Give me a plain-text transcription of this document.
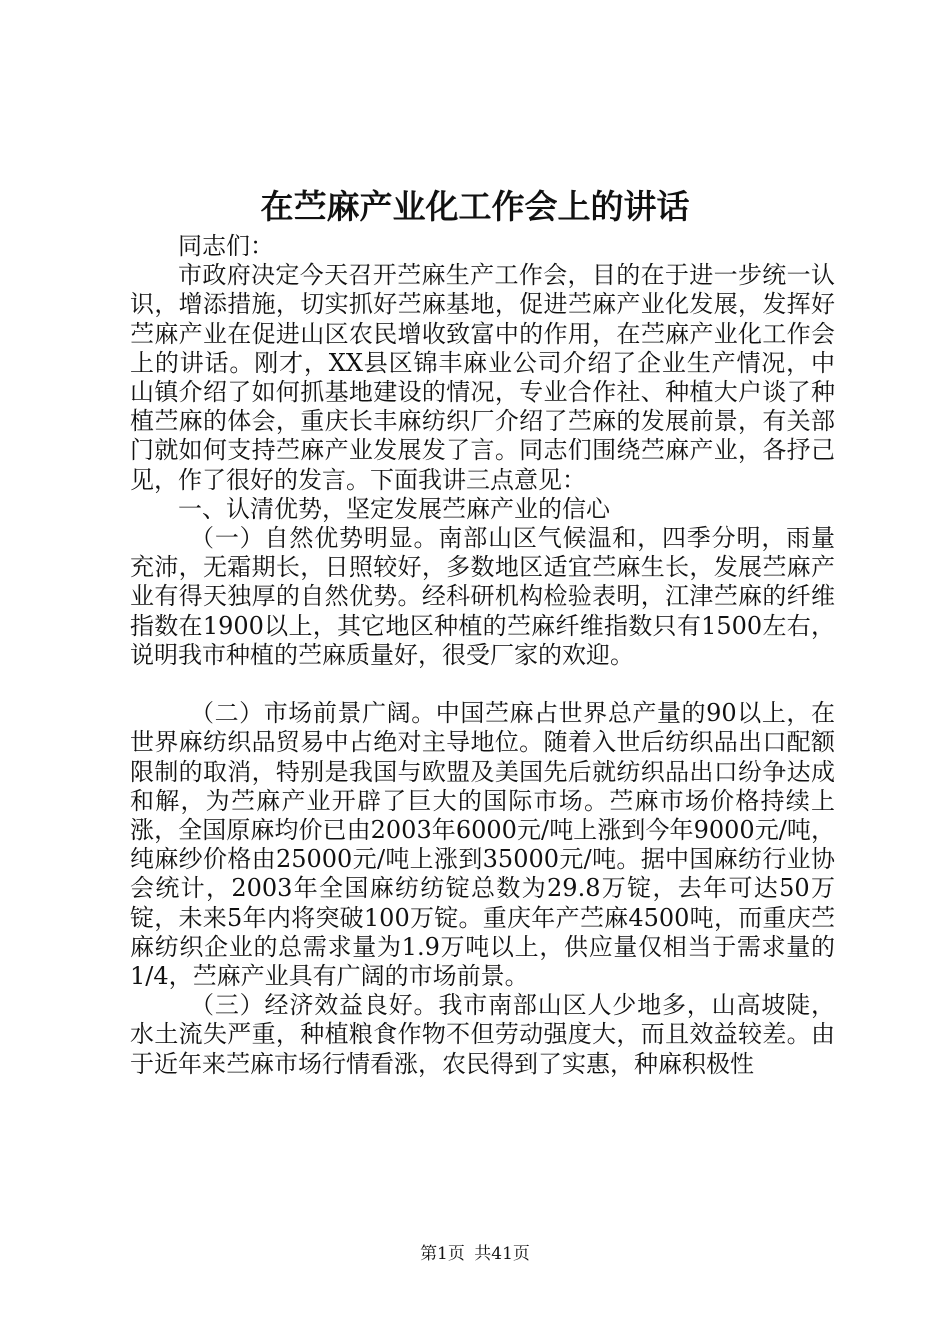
在苎麻产业化工作会上的讲话

同志们：

市政府决定今天召开苎麻生产工作会，目的在于进一步统一认识，增添措施，切实抓好苎麻基地，促进苎麻产业化发展，发挥好苎麻产业在促进山区农民增收致富中的作用，在苎麻产业化工作会上的讲话。刚才，XX县区锦丰麻业公司介绍了企业生产情况，中山镇介绍了如何抓基地建设的情况，专业合作社、种植大户谈了种植苎麻的体会，重庆长丰麻纺织厂介绍了苎麻的发展前景，有关部门就如何支持苎麻产业发展发了言。同志们围绕苎麻产业，各抒己见，作了很好的发言。下面我讲三点意见：

一、认清优势，坚定发展苎麻产业的信心

（一）自然优势明显。南部山区气候温和，四季分明，雨量充沛，无霜期长，日照较好，多数地区适宜苎麻生长，发展苎麻产业有得天独厚的自然优势。经科研机构检验表明，江津苎麻的纤维指数在1900以上，其它地区种植的苎麻纤维指数只有1500左右，说明我市种植的苎麻质量好，很受厂家的欢迎。

（二）市场前景广阔。中国苎麻占世界总产量的90以上，在世界麻纺织品贸易中占绝对主导地位。随着入世后纺织品出口配额限制的取消，特别是我国与欧盟及美国先后就纺织品出口纷争达成和解，为苎麻产业开辟了巨大的国际市场。苎麻市场价格持续上涨，全国原麻均价已由2003年6000元/吨上涨到今年9000元/吨，纯麻纱价格由25000元/吨上涨到35000元/吨。据中国麻纺行业协会统计，2003年全国麻纺纺锭总数为29.8万锭，去年可达50万锭，未来5年内将突破100万锭。重庆年产苎麻4500吨，而重庆苎麻纺织企业的总需求量为1.9万吨以上，供应量仅相当于需求量的1/4，苎麻产业具有广阔的市场前景。

（三）经济效益良好。我市南部山区人少地多，山高坡陡，水土流失严重，种植粮食作物不但劳动强度大，而且效益较差。由于近年来苎麻市场行情看涨，农民得到了实惠，种麻积极性

第1页 共41页
